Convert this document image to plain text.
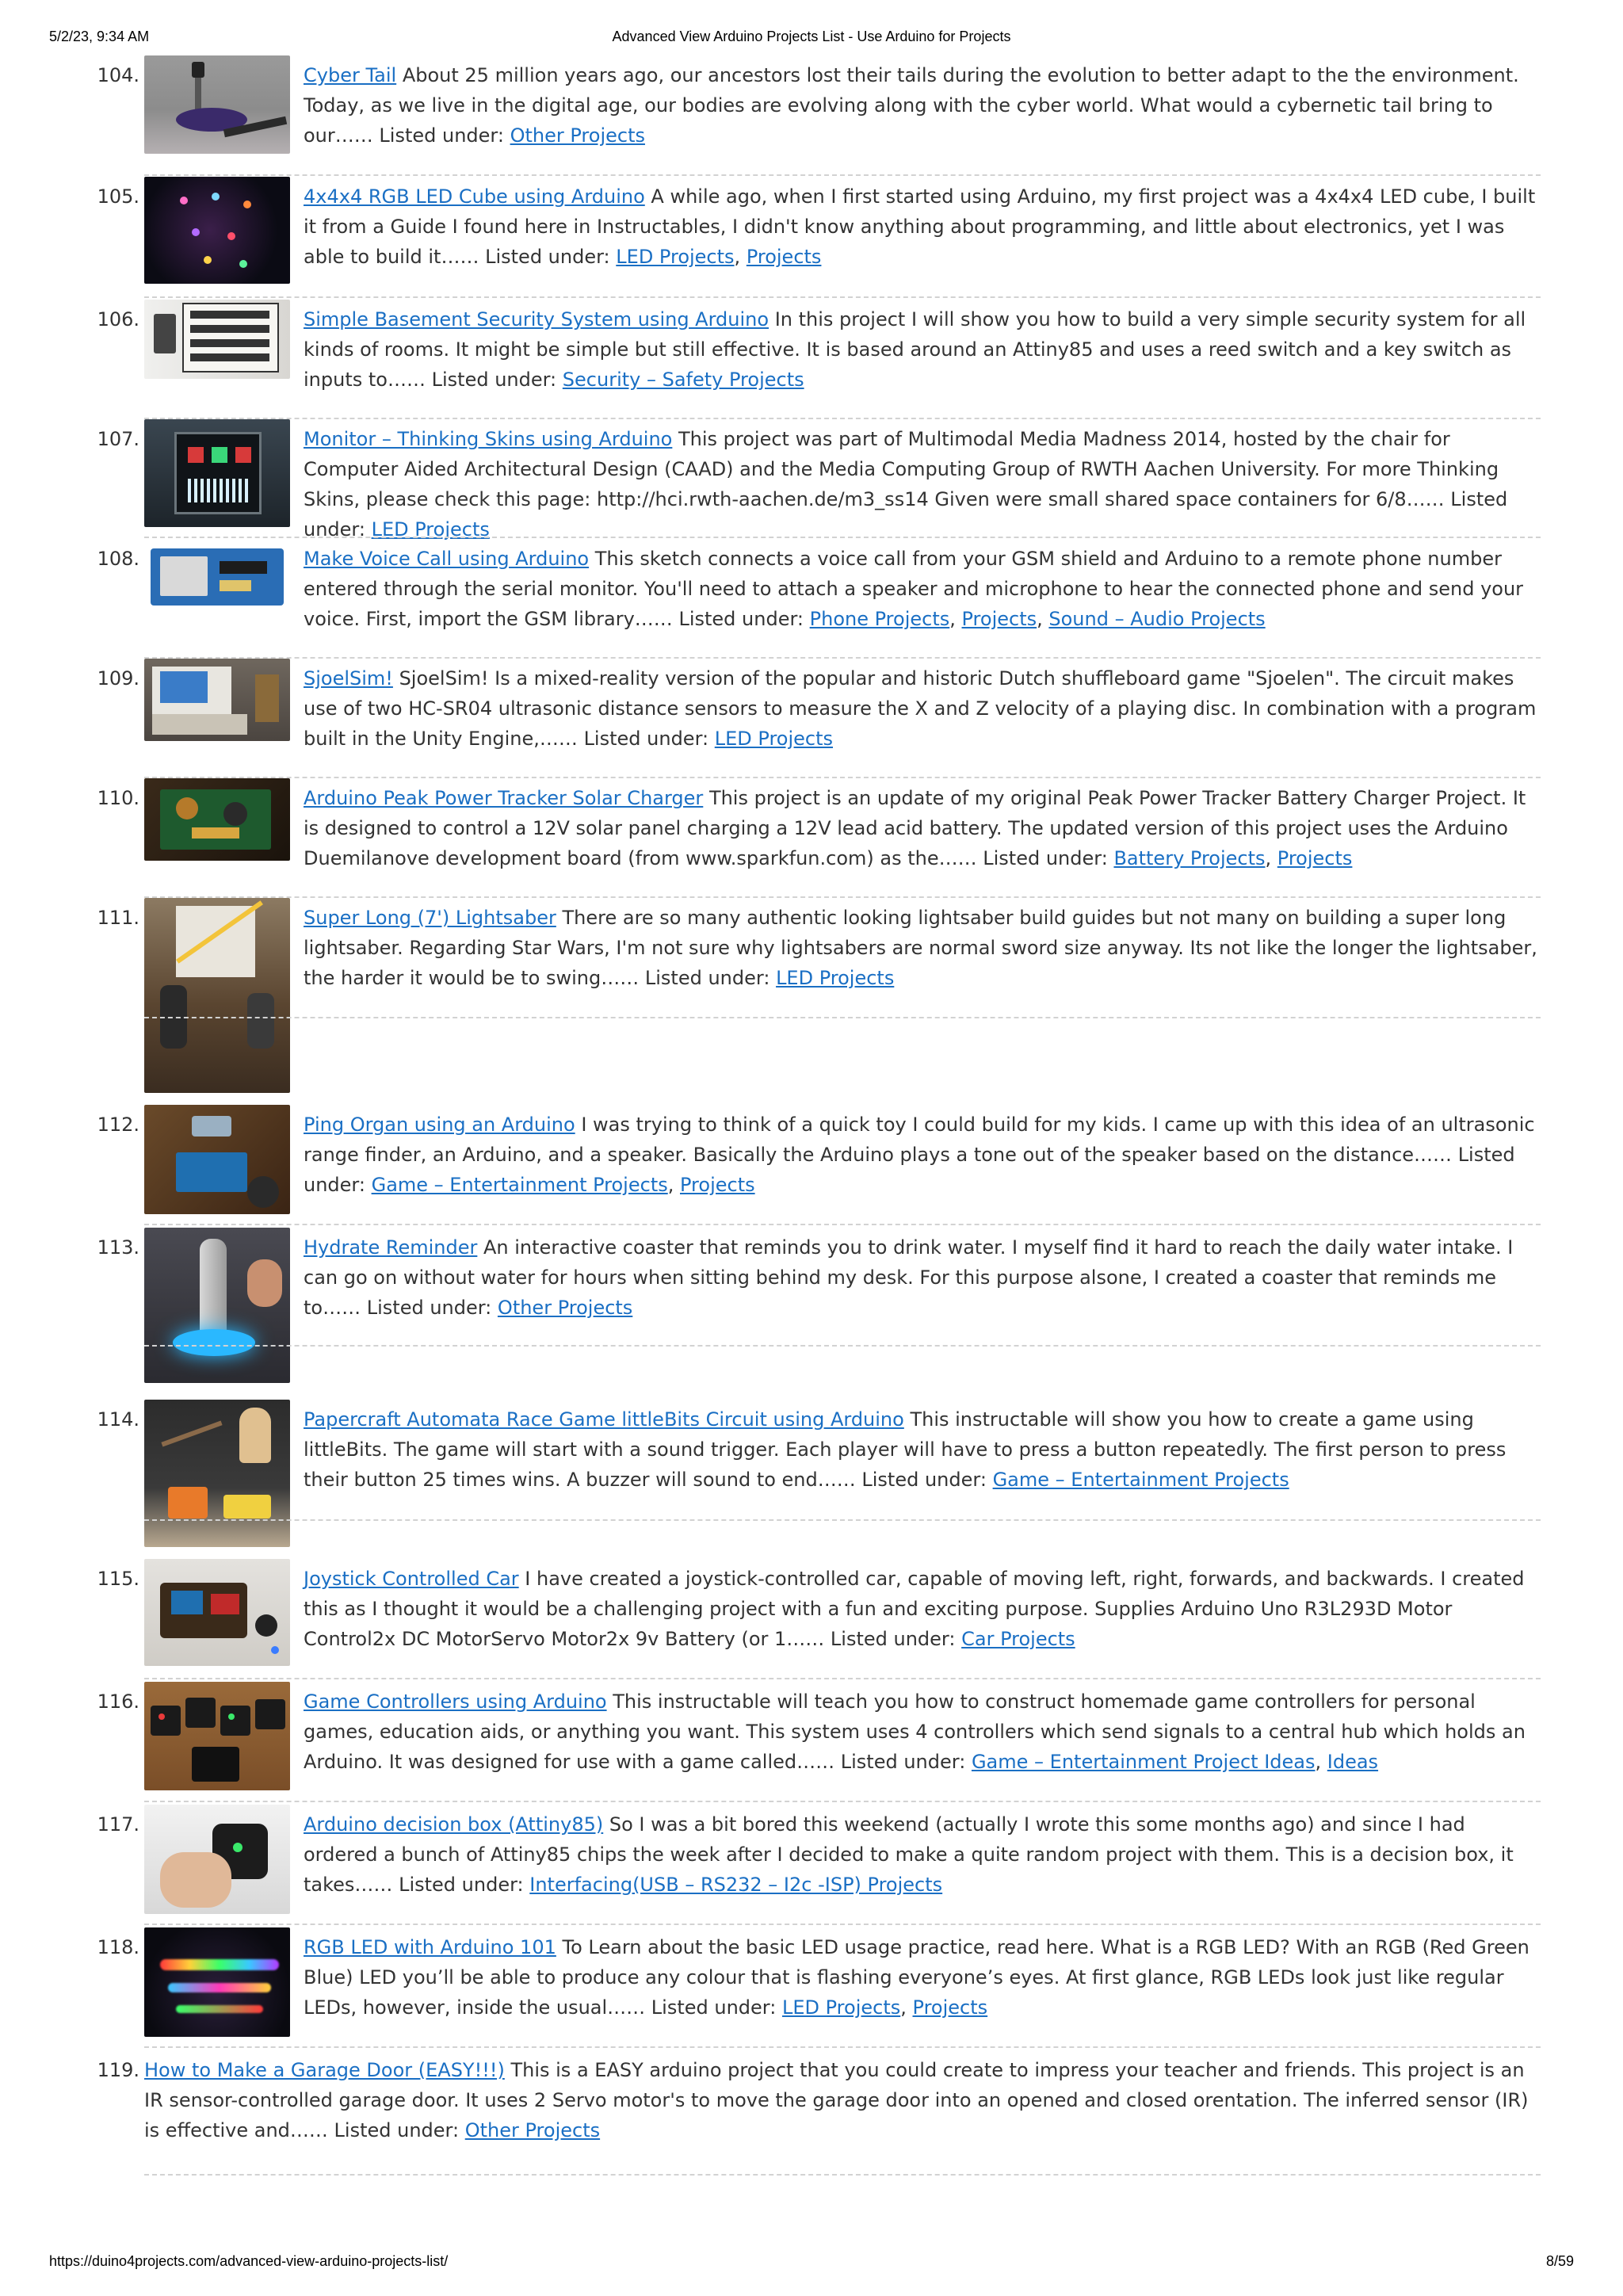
5/2/23, 9:34 AM	Advanced View Arduino Projects List - Use Arduino for Projects
104.	Cyber Tail About 25 million years ago, our ancestors lost their tails during the evolution to better adapt to the the environment. Today, as we live in the digital age, our bodies are evolving along with the cyber world. What would a cybernetic tail bring to our…… Listed under: Other Projects
105.	4x4x4 RGB LED Cube using Arduino A while ago, when I first started using Arduino, my first project was a 4x4x4 LED cube, I built it from a Guide I found here in Instructables, I didn't know anything about programming, and little about electronics, yet I was able to build it…… Listed under: LED Projects, Projects
106.	Simple Basement Security System using Arduino In this project I will show you how to build a very simple security system for all kinds of rooms. It might be simple but still effective. It is based around an Attiny85 and uses a reed switch and a key switch as inputs to…… Listed under: Security – Safety Projects
107.	Monitor – Thinking Skins using Arduino This project was part of Multimodal Media Madness 2014, hosted by the chair for Computer Aided Architectural Design (CAAD) and the Media Computing Group of RWTH Aachen University. For more Thinking Skins, please check this page: http://hci.rwth-aachen.de/m3_ss14 Given were small shared space containers for 6/8…… Listed under: LED Projects
108.	Make Voice Call using Arduino This sketch connects a voice call from your GSM shield and Arduino to a remote phone number entered through the serial monitor. You'll need to attach a speaker and microphone to hear the connected phone and send your voice. First, import the GSM library…… Listed under: Phone Projects, Projects, Sound – Audio Projects
109.	SjoelSim! SjoelSim! Is a mixed-reality version of the popular and historic Dutch shuffleboard game "Sjoelen". The circuit makes use of two HC-SR04 ultrasonic distance sensors to measure the X and Z velocity of a playing disc. In combination with a program built in the Unity Engine,…… Listed under: LED Projects
110.	Arduino Peak Power Tracker Solar Charger This project is an update of my original Peak Power Tracker Battery Charger Project. It is designed to control a 12V solar panel charging a 12V lead acid battery. The updated version of this project uses the Arduino Duemilanove development board (from www.sparkfun.com) as the…… Listed under: Battery Projects, Projects
111.	Super Long (7') Lightsaber There are so many authentic looking lightsaber build guides but not many on building a super long lightsaber. Regarding Star Wars, I'm not sure why lightsabers are normal sword size anyway. Its not like the longer the lightsaber, the harder it would be to swing…… Listed under: LED Projects
112.	Ping Organ using an Arduino I was trying to think of a quick toy I could build for my kids. I came up with this idea of an ultrasonic range finder, an Arduino, and a speaker. Basically the Arduino plays a tone out of the speaker based on the distance…… Listed under: Game – Entertainment Projects, Projects
113.	Hydrate Reminder An interactive coaster that reminds you to drink water. I myself find it hard to reach the daily water intake. I can go on without water for hours when sitting behind my desk. For this purpose alsone, I created a coaster that reminds me to…… Listed under: Other Projects
114.	Papercraft Automata Race Game littleBits Circuit using Arduino This instructable will show you how to create a game using littleBits. The game will start with a sound trigger. Each player will have to press a button repeatedly. The first person to press their button 25 times wins. A buzzer will sound to end…… Listed under: Game – Entertainment Projects
115.	Joystick Controlled Car I have created a joystick-controlled car, capable of moving left, right, forwards, and backwards. I created this as I thought it would be a challenging project with a fun and exciting purpose. Supplies Arduino Uno R3L293D Motor Control2x DC MotorServo Motor2x 9v Battery (or 1…… Listed under: Car Projects
116.	Game Controllers using Arduino This instructable will teach you how to construct homemade game controllers for personal games, education aids, or anything you want. This system uses 4 controllers which send signals to a central hub which holds an Arduino. It was designed for use with a game called…… Listed under: Game – Entertainment Project Ideas, Ideas
117.	Arduino decision box (Attiny85) So I was a bit bored this weekend (actually I wrote this some months ago) and since I had ordered a bunch of Attiny85 chips the week after I decided to make a quite random project with them. This is a decision box, it takes…… Listed under: Interfacing(USB – RS232 – I2c -ISP) Projects
118.	RGB LED with Arduino 101 To Learn about the basic LED usage practice, read here. What is a RGB LED? With an RGB (Red Green Blue) LED you’ll be able to produce any colour that is flashing everyone’s eyes. At first glance, RGB LEDs look just like regular LEDs, however, inside the usual…… Listed under: LED Projects, Projects
119. How to Make a Garage Door (EASY!!!) This is a EASY arduino project that you could create to impress your teacher and friends. This project is an IR sensor-controlled garage door. It uses 2 Servo motor's to move the garage door into an opened and closed orentation. The inferred sensor (IR) is effective and…… Listed under: Other Projects
https://duino4projects.com/advanced-view-arduino-projects-list/	8/59
